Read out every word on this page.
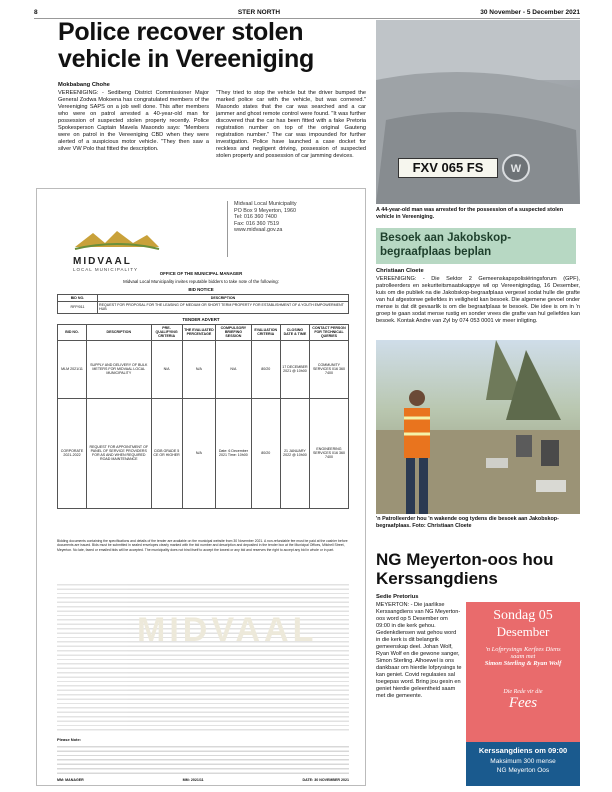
8	STER NORTH	30 November - 5 December 2021
Police recover stolen vehicle in Vereeniging
Mokbabang Chohe
VEREENIGING: - Sedibeng District Commissioner Major General Zodwa Mokoena has congratulated members of the Vereeniging SAPS on a job well done. This after members who were on patrol arrested a 40-year-old man for possession of suspected stolen property recently. Police Spokesperson Captain Mavela Masondo says: "Members were on patrol in the Vereeniging CBD when they were alerted of a suspicious motor vehicle. "They then saw a silver VW Polo that fitted the description.
"They tried to stop the vehicle but the driver bumped the marked police car with the vehicle, but was cornered." Masondo states that the car was searched and a car jammer and ghost remote control were found. "It was further discovered that the car has been fitted with a fake Pretoria registration number on top of the original Gauteng registration number." The car was impounded for further investigation. Police have launched a case docket for reckless and negligent driving, possession of suspected stolen property and possession of car jamming devices.
W
FXV 065 FS
A 44-year-old man was arrested for the possession of a suspected stolen vehicle in Vereeniging.
MIDVAAL
LOCAL MUNICIPALITY
Midvaal Local Municipality
PO Box 9 Meyerton, 1960
Tel: 016 360 7400
Fax: 016 360 7519
www.midvaal.gov.za
OFFICE OF THE MUNICIPAL MANAGER
Midvaal Local Municipality invites reputable bidders to take note of the following:
BID NOTICE
BID NO.	DESCRIPTION
RFP/011	REQUEST FOR PROPOSAL FOR THE LEASING OF MEDIUM OR SHORT TERM PROPERTY FOR ESTABLISHMENT OF A YOUTH EMPOWERMENT HUB
TENDER ADVERT
BID NO.	DESCRIPTION	PRE-QUALIFYING CRITERIA	THE EVALUATED PERCENTAGE	COMPULSORY BRIEFING SESSION	EVALUATION CRITERIA	CLOSING DATE & TIME	CONTACT PERSON FOR TECHNICAL QUERIES
MLM 2021/11	SUPPLY AND DELIVERY OF BULK METERS FOR MIDVAAL LOCAL MUNICIPALITY	N/A	N/A	N/A	80/20	17 DECEMBER 2021 @ 10h00	COMMUNITY SERVICES 016 360 7400
CORPORATE 2021-2022	REQUEST FOR APPOINTMENT OF PANEL OF SERVICE PROVIDERS FOR AS AND WHEN REQUIRED ROAD MAINTENANCE	CIDB GRADE 5 CE OR HIGHER	N/A	Date: 6 December 2021 Time: 10h00	80/20	21 JANUARY 2022 @ 10h00	ENGINEERING SERVICES 016 360 7400
Bidding documents containing the specifications and details of the tender are available on the municipal website from 30 November 2021. A non-refundable fee must be paid at the cashier before documents are issued. Bids must be submitted in sealed envelopes clearly marked with the bid number and description and deposited in the tender box at the Municipal Offices, Mitchell Street, Meyerton. No late, faxed or emailed bids will be accepted. The municipality does not bind itself to accept the lowest or any bid and reserves the right to accept any bid in whole or in part.
MIDVAAL
Please Note:
MM: MANAGER	MM: 2021/11	DATE: 30 NOVEMBER 2021
Besoek aan Jakobskop-begraafplaas beplan
Christiaan Cloete
VEREENIGING: - Die Sektor 2 Gemeenskapspolisiëringsforum (GPF), patrolleerders en sekuriteitsmaatskappye wil op Vereenigingdag, 16 Desember, kuis om die publiek na die Jakobskop-begraafplaas vergesel sodat hulle die grafte van hul afgestorwe geliefdes in veiligheid kan besoek. Die algemene gevoel onder mense is dat dit gevaarlik is om die begraafplaas te besoek. Die idee is om in 'n groep te gaan sodat mense rustig en sonder vrees die grafte van hul geliefdes kan besoek. Kontak Andre van Zyl by 074 053 0001 vir meer inligting.
'n Patrolleerder hou 'n wakende oog tydens die besoek aan Jakobskop-begraafplaas. Foto: Christiaan Cloete
NG Meyerton-oos hou Kerssangdiens
Sedie Pretorius
MEYERTON: - Die jaarlikse Kerssangdiens van NG Meyerton-oos word op 5 Desember om 09:00 in die kerk gehou. Gedenkdiensen wat gehou word in die kerk is dit belangrik gemeenskap deel. Johan Wolf, Ryan Wolf en die gewone sanger, Simon Sterling. Alhoewel is ons dankbaar om hierdie lofprysings te kan geniet. Covid regulasies sal toegepas word. Bring jou gesin en geniet hierdie geleentheid saam met die gemeente.
Sondag 05
Desember
'n Lofprysings Kerfees Diens
saam met
Simon Sterling & Ryan Wolf
Die Rede vir die
Fees
Kerssangdiens om 09:00
Maksimum 300 mense
NG Meyerton Oos
